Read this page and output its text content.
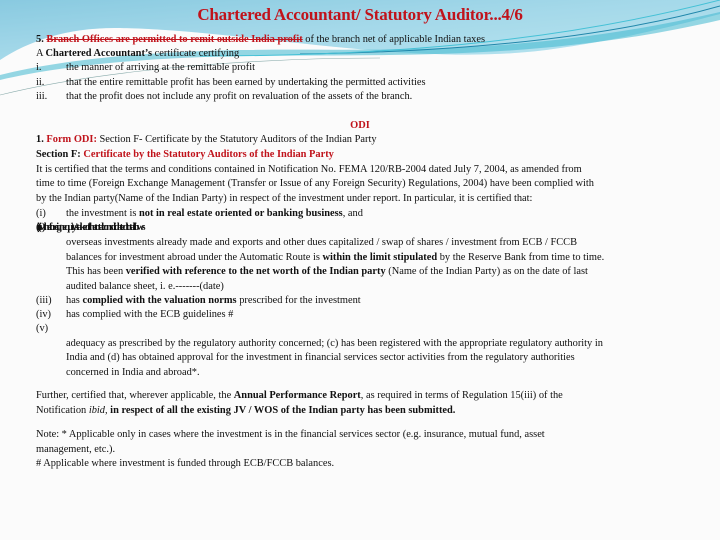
Chartered Accountant/ Statutory Auditor...4/6
5. Branch Offices are permitted to remit outside India profit of the branch net of applicable Indian taxes
A Chartered Accountant’s certificate certifying
i. the manner of arriving at the remittable profit
ii. that the entire remittable profit has been earned by undertaking the permitted activities
iii. that the profit does not include any profit on revaluation of the assets of the branch.
ODI
1. Form ODI: Section F- Certificate by the Statutory Auditors of the Indian Party
Section F: Certificate by the Statutory Auditors of the Indian Party
It is certified that the terms and conditions contained in Notification No. FEMA 120/RB-2004 dated July 7, 2004, as amended from
time to time (Foreign Exchange Management (Transfer or Issue of any Foreign Security) Regulations, 2004) have been complied with
by the Indian party(Name of the Indian Party) in respect of the investment under report. In particular, it is certified that:
(i) the investment is not in real estate oriented or banking business, and
(ii)(iv)the foreign equity/stake of the total consolidated total flows
overseas investments already made and exports and other dues capitalized / swap of shares / investment from ECB / FCCB
balances for investment abroad under the Automatic Route is within the limit stipulated by the Reserve Bank from time to time.
This has been verified with reference to the net worth of the Indian party (Name of the Indian Party) as on the date of last
audited balance sheet, i. e.-------(date)
(iii) has complied with the valuation norms prescribed for the investment
(iv) has complied with the ECB guidelines #
(v)
adequacy as prescribed by the regulatory authority concerned; (c) has been registered with the appropriate regulatory authority in
India and (d) has obtained approval for the investment in financial services sector activities from the regulatory authorities
concerned in India and abroad*.
Further, certified that, wherever applicable, the Annual Performance Report, as required in terms of Regulation 15(iii) of the
Notification ibid, in respect of all the existing JV / WOS of the Indian party has been submitted.
Note: * Applicable only in cases where the investment is in the financial services sector (e.g. insurance, mutual fund, asset
management, etc.).
# Applicable where investment is funded through ECB/FCCB balances.
